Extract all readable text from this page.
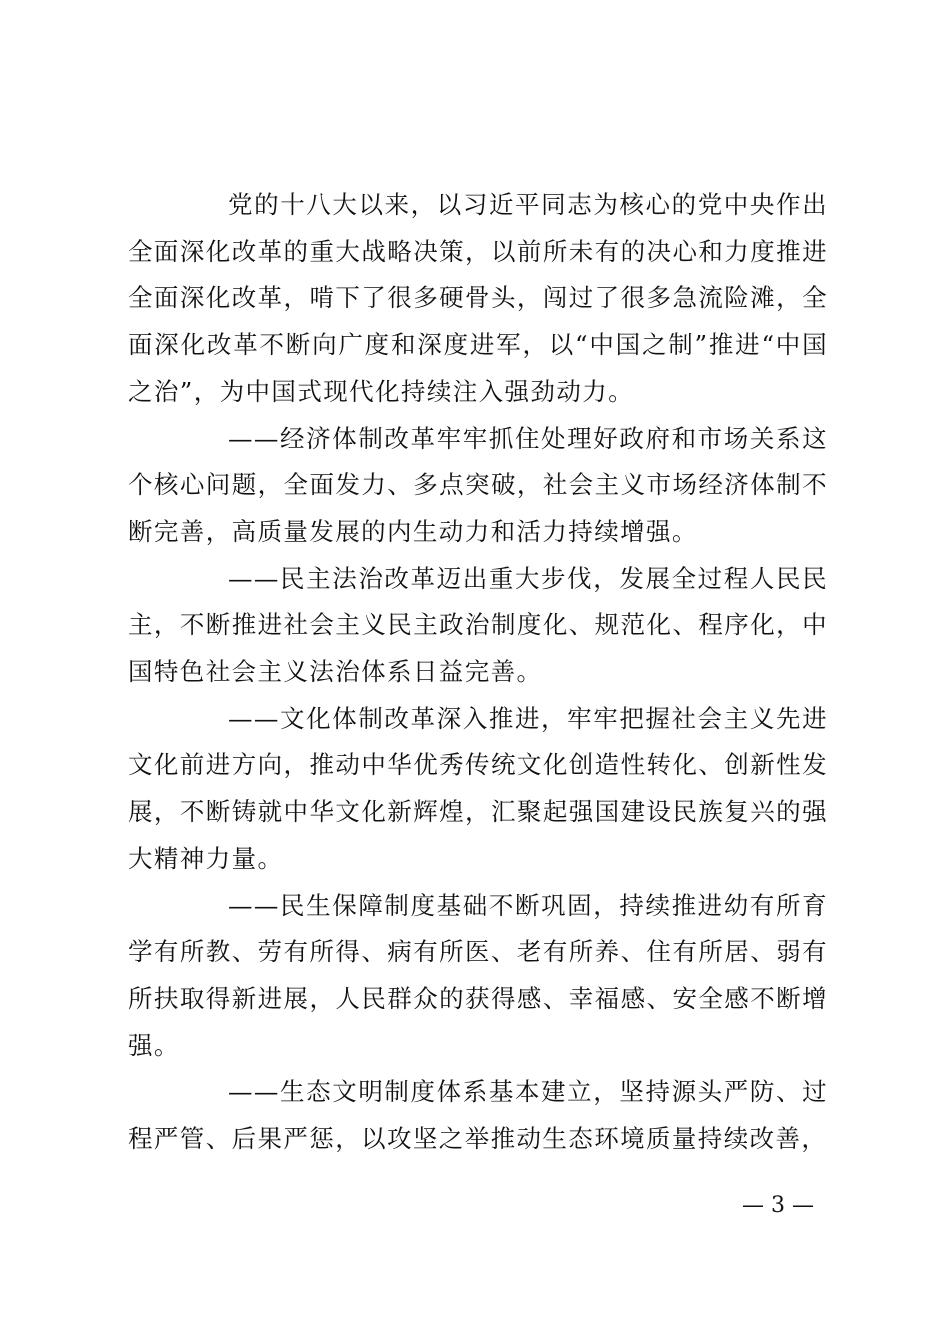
党的十八大以来，以习近平同志为核心的党中央作出全面深化改革的重大战略决策，以前所未有的决心和力度推进全面深化改革，啃下了很多硬骨头，闯过了很多急流险滩，全面深化改革不断向广度和深度进军，以“中国之制”推进“中国之治”，为中国式现代化持续注入强劲动力。

——经济体制改革牢牢抓住处理好政府和市场关系这个核心问题，全面发力、多点突破，社会主义市场经济体制不断完善，高质量发展的内生动力和活力持续增强。

——民主法治改革迈出重大步伐，发展全过程人民民主，不断推进社会主义民主政治制度化、规范化、程序化，中国特色社会主义法治体系日益完善。

——文化体制改革深入推进，牢牢把握社会主义先进文化前进方向，推动中华优秀传统文化创造性转化、创新性发展，不断铸就中华文化新辉煌，汇聚起强国建设民族复兴的强大精神力量。

——民生保障制度基础不断巩固，持续推进幼有所育学有所教、劳有所得、病有所医、老有所养、住有所居、弱有所扶取得新进展，人民群众的获得感、幸福感、安全感不断增强。

——生态文明制度体系基本建立，坚持源头严防、过程严管、后果严惩，以攻坚之举推动生态环境质量持续改善，

— 3 —
